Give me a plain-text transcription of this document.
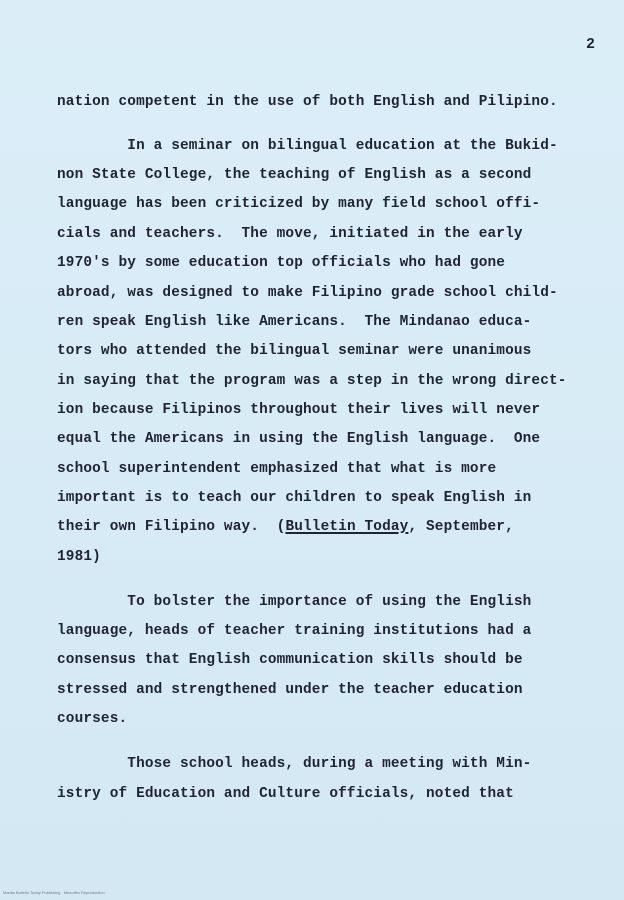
2
nation competent in the use of both English and Pilipino.
In a seminar on bilingual education at the Bukid-
non State College, the teaching of English as a second
language has been criticized by many field school offi-
cials and teachers.  The move, initiated in the early
1970's by some education top officials who had gone
abroad, was designed to make Filipino grade school child-
ren speak English like Americans.  The Mindanao educa-
tors who attended the bilingual seminar were unanimous
in saying that the program was a step in the wrong direct-
ion because Filipinos throughout their lives will never
equal the Americans in using the English language.  One
school superintendent emphasized that what is more
important is to teach our children to speak English in
their own Filipino way.  (Bulletin Today, September,
1981)
To bolster the importance of using the English
language, heads of teacher training institutions had a
consensus that English communication skills should be
stressed and strengthened under the teacher education
courses.
Those school heads, during a meeting with Min-
istry of Education and Culture officials, noted that
Manila Bulletin Today Publishing · Microfilm Reproduction
